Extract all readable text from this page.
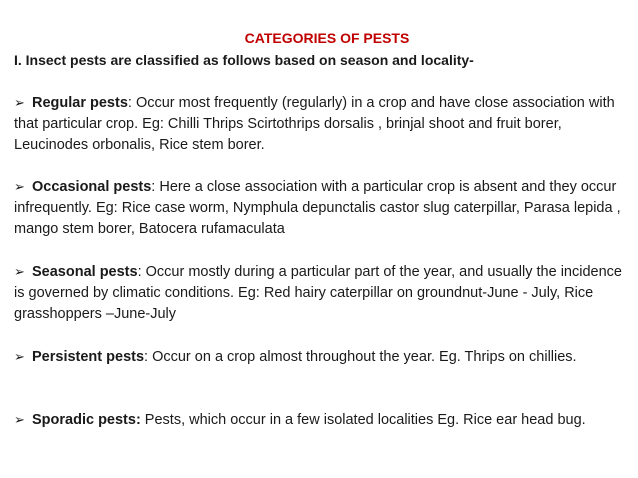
CATEGORIES OF PESTS
I. Insect pests are classified as follows based on season and locality-
➢ Regular pests: Occur most frequently (regularly) in a crop and have close association with that particular crop. Eg: Chilli Thrips Scirtothrips dorsalis , brinjal shoot and fruit borer, Leucinodes orbonalis, Rice stem borer.
➢ Occasional pests: Here a close association with a particular crop is absent and they occur infrequently. Eg: Rice case worm, Nymphula depunctalis castor slug caterpillar, Parasa lepida , mango stem borer, Batocera rufamaculata
➢ Seasonal pests: Occur mostly during a particular part of the year, and usually the incidence is governed by climatic conditions. Eg: Red hairy caterpillar on groundnut-June - July, Rice grasshoppers –June-July
➢ Persistent pests: Occur on a crop almost throughout the year. Eg. Thrips on chillies.
➢ Sporadic pests: Pests, which occur in a few isolated localities Eg. Rice ear head bug.
